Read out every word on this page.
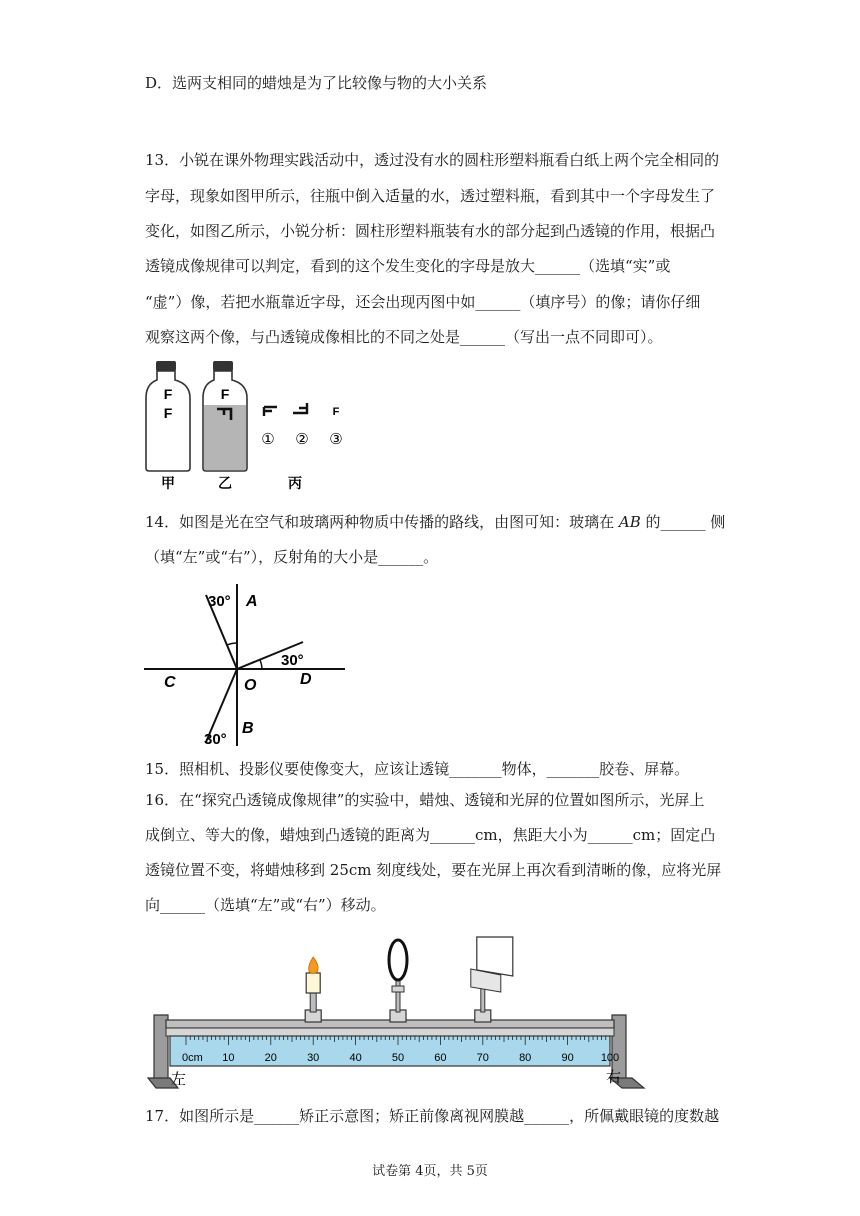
D．选两支相同的蜡烛是为了比较像与物的大小关系
13．小锐在课外物理实践活动中，透过没有水的圆柱形塑料瓶看白纸上两个完全相同的
字母，现象如图甲所示，往瓶中倒入适量的水，透过塑料瓶，看到其中一个字母发生了
变化，如图乙所示，小锐分析：圆柱形塑料瓶装有水的部分起到凸透镜的作用，根据凸
透镜成像规律可以判定，看到的这个发生变化的字母是放大______（选填“实”或
“虚”）像，若把水瓶靠近字母，还会出现丙图中如______（填序号）的像；请你仔细
观察这两个像，与凸透镜成像相比的不同之处是______（写出一点不同即可）。
F
F
F
F
① ② ③
甲	乙	丙
14．如图是光在空气和玻璃两种物质中传播的路线，由图可知：玻璃在 AB 的______ 侧
（填“左”或“右”），反射角的大小是______。
30°
30°
30°
A
B
C	D
O
15．照相机、投影仪要使像变大，应该让透镜_______物体，_______胶卷、屏幕。
16．在“探究凸透镜成像规律”的实验中，蜡烛、透镜和光屏的位置如图所示，光屏上
成倒立、等大的像，蜡烛到凸透镜的距离为______cm，焦距大小为______cm；固定凸
透镜位置不变，将蜡烛移到 25cm 刻度线处，要在光屏上再次看到清晰的像，应将光屏
向______（选填“左”或“右”）移动。
0cm 10	20	30	40	50	60	70	80	90 100
左	右
17．如图所示是______矫正示意图；矫正前像离视网膜越______，所佩戴眼镜的度数越
试卷第 4页，共 5页
